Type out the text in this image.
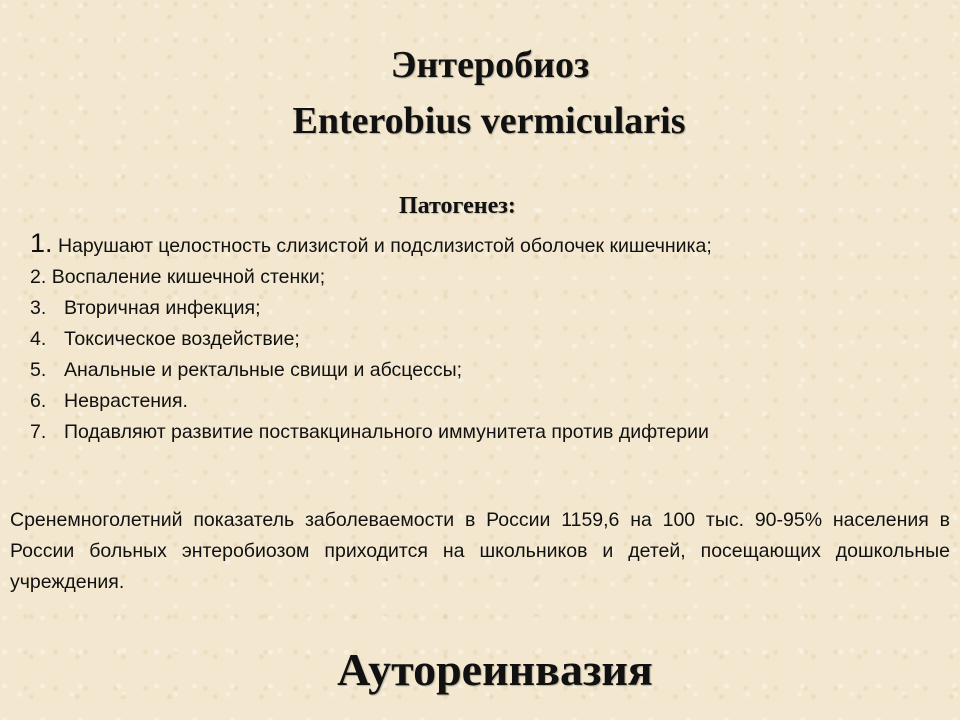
Энтеробиоз
Enterobius vermicularis
Патогенез:
1. Нарушают целостность слизистой и подслизистой оболочек кишечника;
2. Воспаление кишечной стенки;
3. Вторичная инфекция;
4. Токсическое воздействие;
5. Анальные и ректальные свищи и абсцессы;
6. Неврастения.
7. Подавляют развитие поствакцинального иммунитета против дифтерии
Сренемноголетний показатель заболеваемости в России 1159,6 на 100 тыс. 90-95% населения в России больных энтеробиозом приходится на школьников и детей, посещающих дошкольные учреждения.
Аутореинвазия
